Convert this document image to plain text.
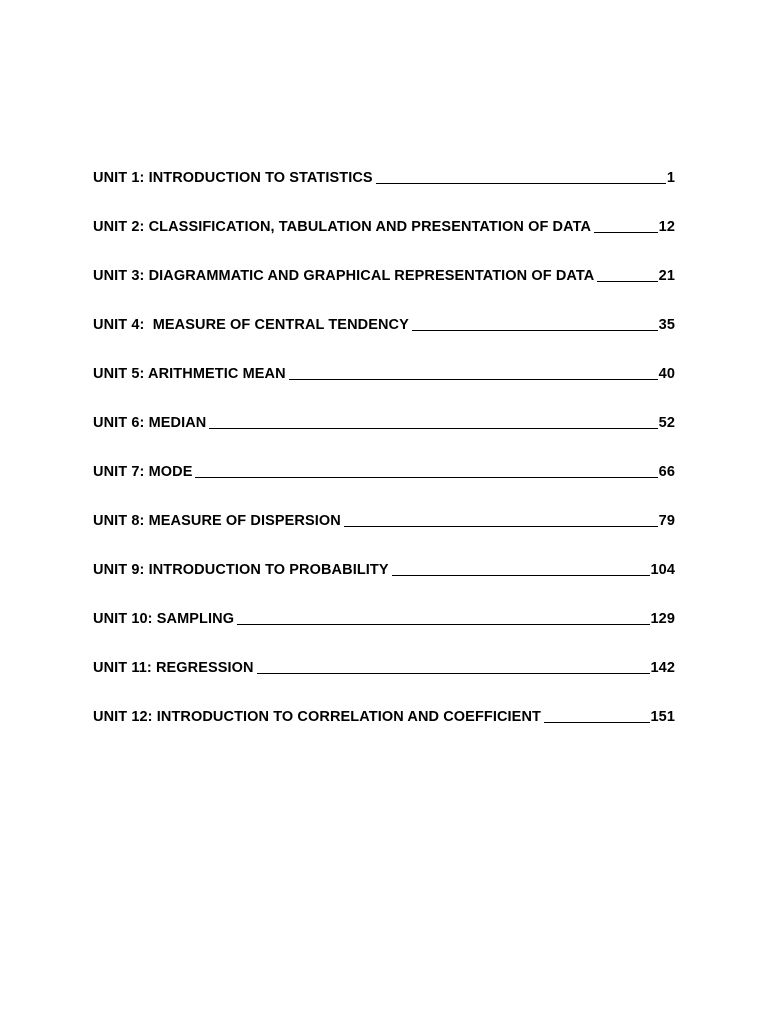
UNIT 1: INTRODUCTION TO STATISTICS	1
UNIT 2: CLASSIFICATION, TABULATION AND PRESENTATION OF DATA	12
UNIT 3: DIAGRAMMATIC AND GRAPHICAL REPRESENTATION OF DATA	21
UNIT 4:  MEASURE OF CENTRAL TENDENCY	35
UNIT 5: ARITHMETIC MEAN	40
UNIT 6: MEDIAN	52
UNIT 7: MODE	66
UNIT 8: MEASURE OF DISPERSION	79
UNIT 9: INTRODUCTION TO PROBABILITY	104
UNIT 10: SAMPLING	129
UNIT 11: REGRESSION	142
UNIT 12: INTRODUCTION TO CORRELATION AND COEFFICIENT	151
